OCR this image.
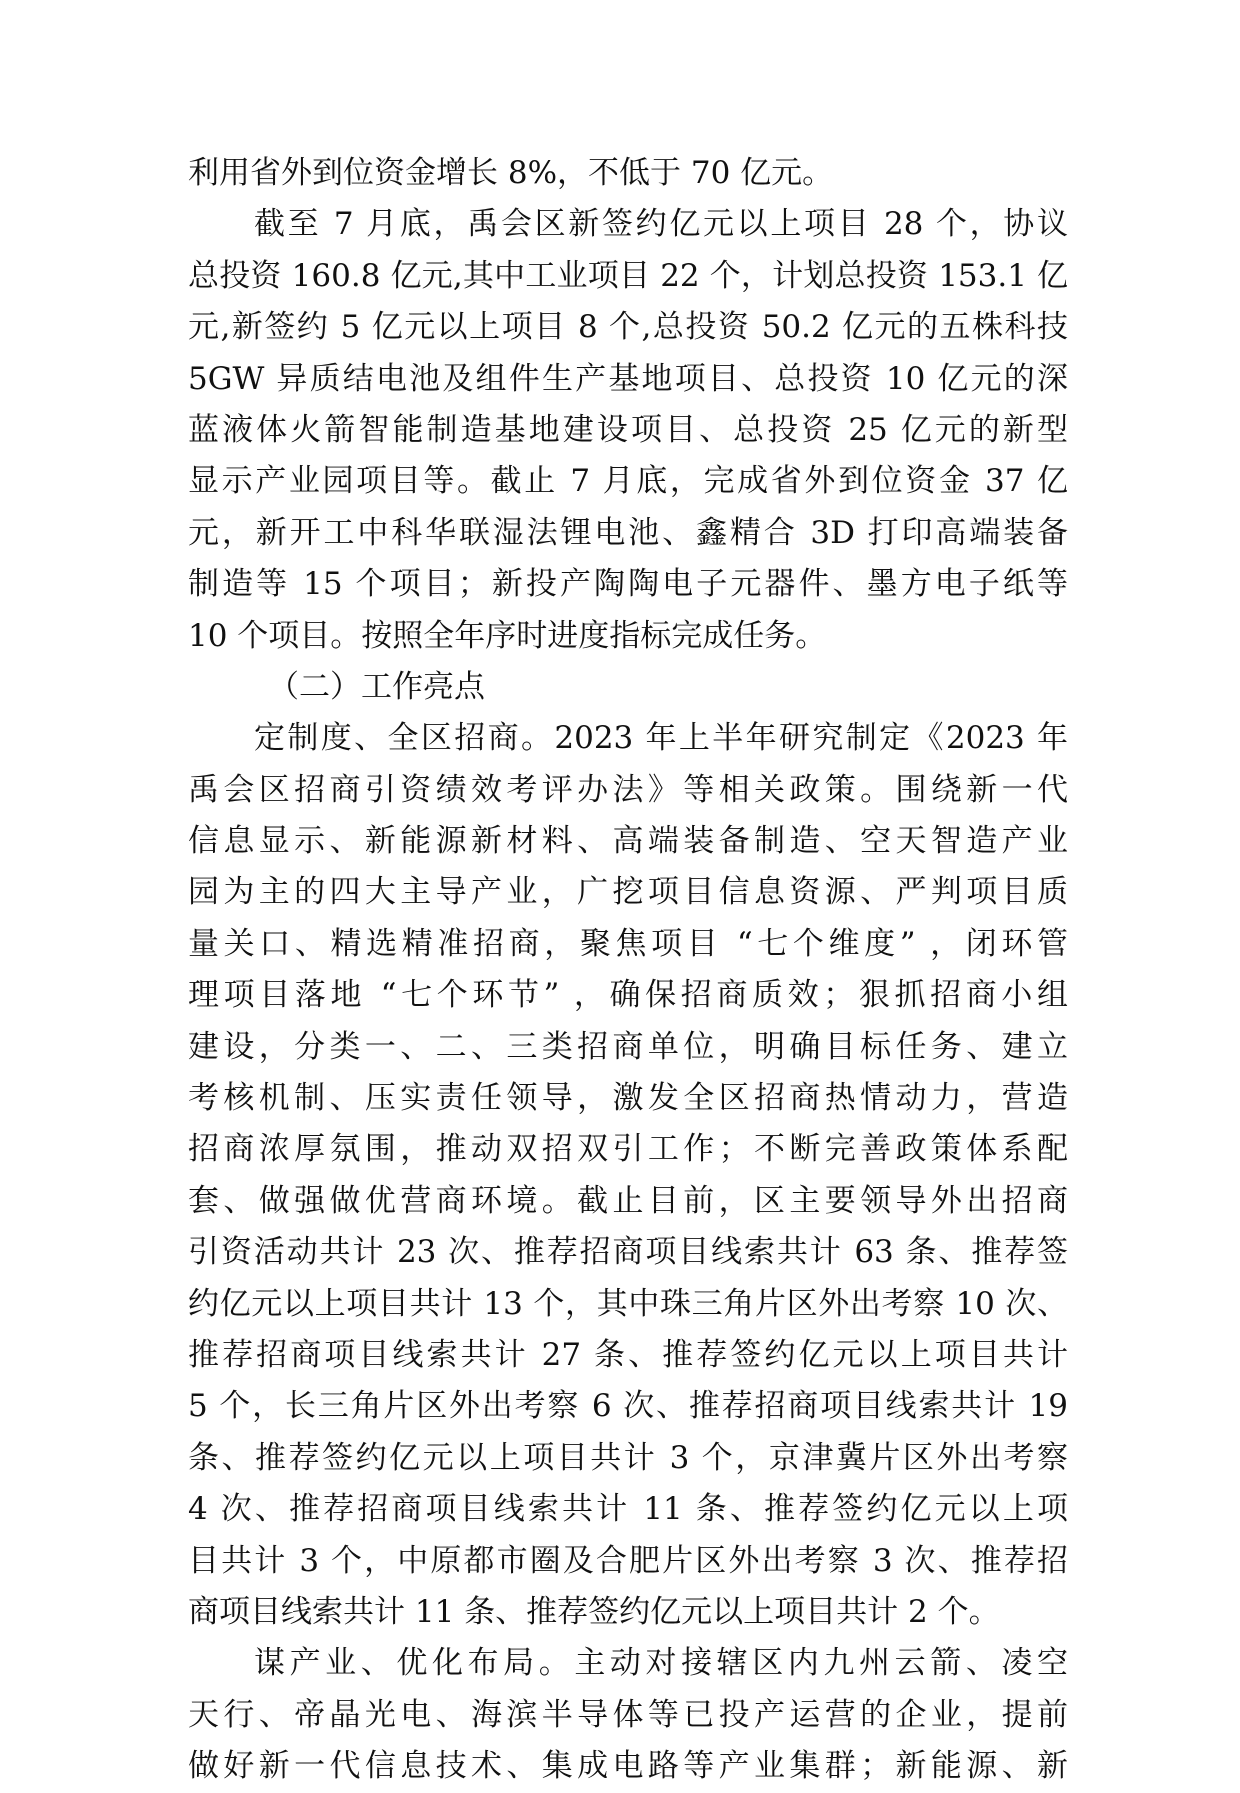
利用省外到位资金增长 8%，不低于 70 亿元。
截至 7 月底，禹会区新签约亿元以上项目 28 个，协议
总投资 160.8 亿元,其中工业项目 22 个，计划总投资 153.1 亿
元,新签约 5 亿元以上项目 8 个,总投资 50.2 亿元的五株科技
5GW 异质结电池及组件生产基地项目、总投资 10 亿元的深
蓝液体火箭智能制造基地建设项目、总投资 25 亿元的新型
显示产业园项目等。截止 7 月底，完成省外到位资金 37 亿
元，新开工中科华联湿法锂电池、鑫精合 3D 打印高端装备
制造等 15 个项目；新投产陶陶电子元器件、墨方电子纸等
10 个项目。按照全年序时进度指标完成任务。
（二）工作亮点
定制度、全区招商。2023 年上半年研究制定《2023 年
禹会区招商引资绩效考评办法》等相关政策。围绕新一代
信息显示、新能源新材料、高端装备制造、空天智造产业
园为主的四大主导产业，广挖项目信息资源、严判项目质
量关口、精选精准招商，聚焦项目 “七个维度” ，闭环管
理项目落地 “七个环节” ，确保招商质效；狠抓招商小组
建设，分类一、二、三类招商单位，明确目标任务、建立
考核机制、压实责任领导，激发全区招商热情动力，营造
招商浓厚氛围，推动双招双引工作；不断完善政策体系配
套、做强做优营商环境。截止目前，区主要领导外出招商
引资活动共计 23 次、推荐招商项目线索共计 63 条、推荐签
约亿元以上项目共计 13 个，其中珠三角片区外出考察 10 次、
推荐招商项目线索共计 27 条、推荐签约亿元以上项目共计
5 个，长三角片区外出考察 6 次、推荐招商项目线索共计 19
条、推荐签约亿元以上项目共计 3 个，京津冀片区外出考察
4 次、推荐招商项目线索共计 11 条、推荐签约亿元以上项
目共计 3 个，中原都市圈及合肥片区外出考察 3 次、推荐招
商项目线索共计 11 条、推荐签约亿元以上项目共计 2 个。
谋产业、优化布局。主动对接辖区内九州云箭、凌空
天行、帝晶光电、海滨半导体等已投产运营的企业，提前
做好新一代信息技术、集成电路等产业集群；新能源、新
